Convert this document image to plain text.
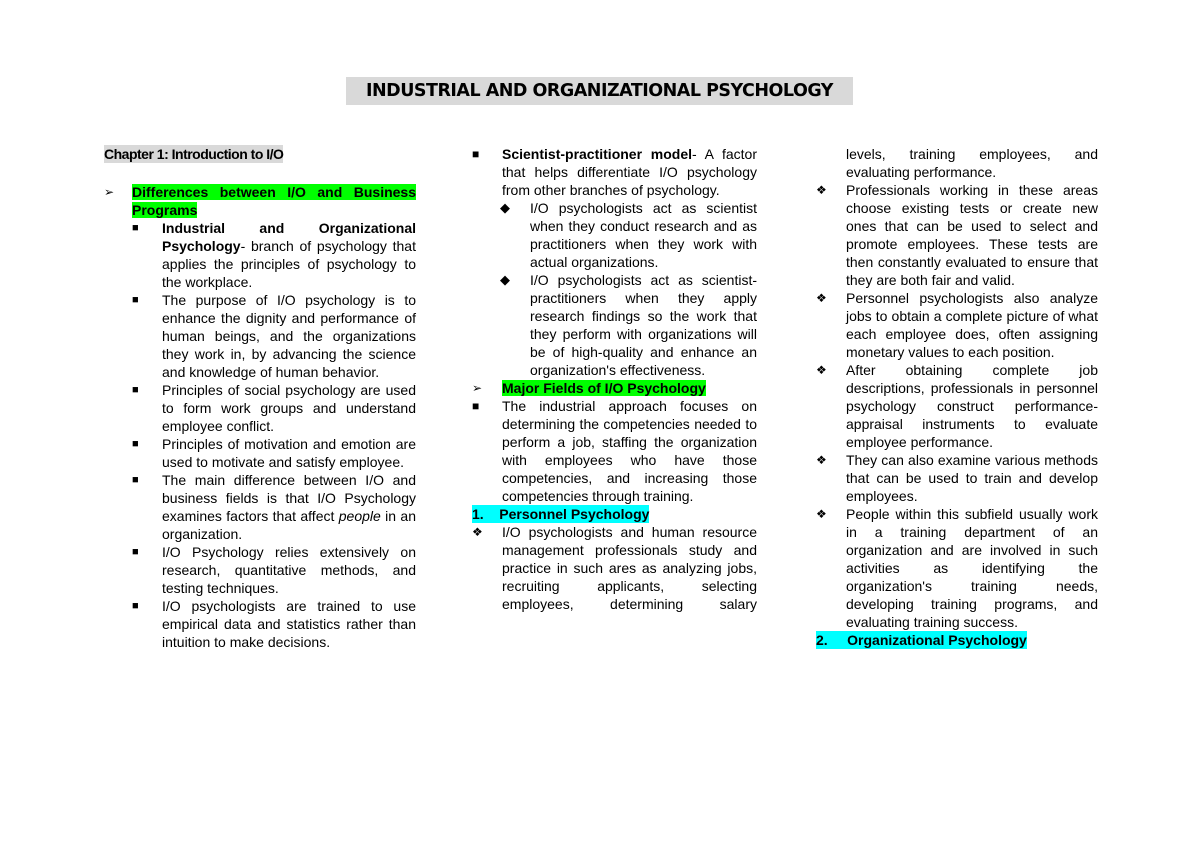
INDUSTRIAL AND ORGANIZATIONAL PSYCHOLOGY
Chapter 1: Introduction to I/O
➢	Differences between I/O and Business Programs
■	Industrial and Organizational Psychology- branch of psychology that applies the principles of psychology to the workplace.
■	The purpose of I/O psychology is to enhance the dignity and performance of human beings, and the organizations they work in, by advancing the science and knowledge of human behavior.
■	Principles of social psychology are used to form work groups and understand employee conflict.
■	Principles of motivation and emotion are used to motivate and satisfy employee.
■	The main difference between I/O and business fields is that I/O Psychology examines factors that affect people in an organization.
■	I/O Psychology relies extensively on research, quantitative methods, and testing techniques.
■	I/O psychologists are trained to use empirical data and statistics rather than intuition to make decisions.
■	Scientist-practitioner model- A factor that helps differentiate I/O psychology from other branches of psychology.
◆	I/O psychologists act as scientist when they conduct research and as practitioners when they work with actual organizations.
◆	I/O psychologists act as scientist-practitioners when they apply research findings so the work that they perform with organizations will be of high-quality and enhance an organization's effectiveness.
➢	Major Fields of I/O Psychology
■	The industrial approach focuses on determining the competencies needed to perform a job, staffing the organization with employees who have those competencies, and increasing those competencies through training.
1. Personnel Psychology
❖	I/O psychologists and human resource management professionals study and practice in such ares as analyzing jobs, recruiting applicants, selecting employees, determining salary
levels, training employees, and evaluating performance.
❖	Professionals working in these areas choose existing tests or create new ones that can be used to select and promote employees. These tests are then constantly evaluated to ensure that they are both fair and valid.
❖	Personnel psychologists also analyze jobs to obtain a complete picture of what each employee does, often assigning monetary values to each position.
❖	After obtaining complete job descriptions, professionals in personnel psychology construct performance-appraisal instruments to evaluate employee performance.
❖	They can also examine various methods that can be used to train and develop employees.
❖	People within this subfield usually work in a training department of an organization and are involved in such activities as identifying the organization's training needs, developing training programs, and evaluating training success.
2. Organizational Psychology
